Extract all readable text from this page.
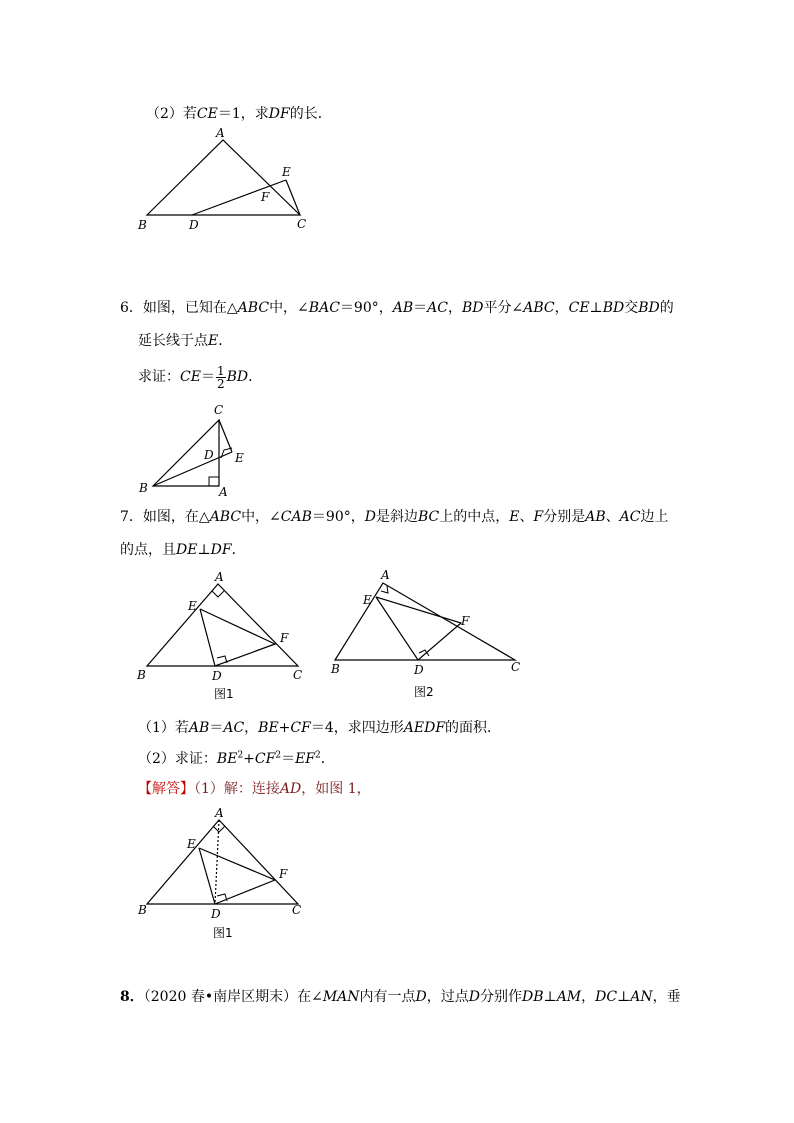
（2）若CE＝1，求DF的长．
A
B	D	C
E
F
6．如图，已知在△ABC中，∠BAC＝90°，AB＝AC，BD平分∠ABC，CE⊥BD交BD的
延长线于点E．
求证：$CE= \frac{1}{2}$ BD．
C
D E
B	A
7．如图，在△ABC中，∠CAB＝90°，D是斜边BC上的中点，E、F分别是AB、AC边上
的点，且DE⊥DF．
A
E
F
B	D	C
图1
A
E
F
B	D	C
图2
（1）若AB＝AC，BE+CF＝4，求四边形AEDF的面积．
（2）求证：$BE^2+CF^2=EF^2$．
【解答】（1）解：连接AD，如图 1，
A
E
F
B	D	C
图1
8．（2020 春•南岸区期末）在∠MAN内有一点D，过点D分别作DB⊥AM，DC⊥AN，垂
